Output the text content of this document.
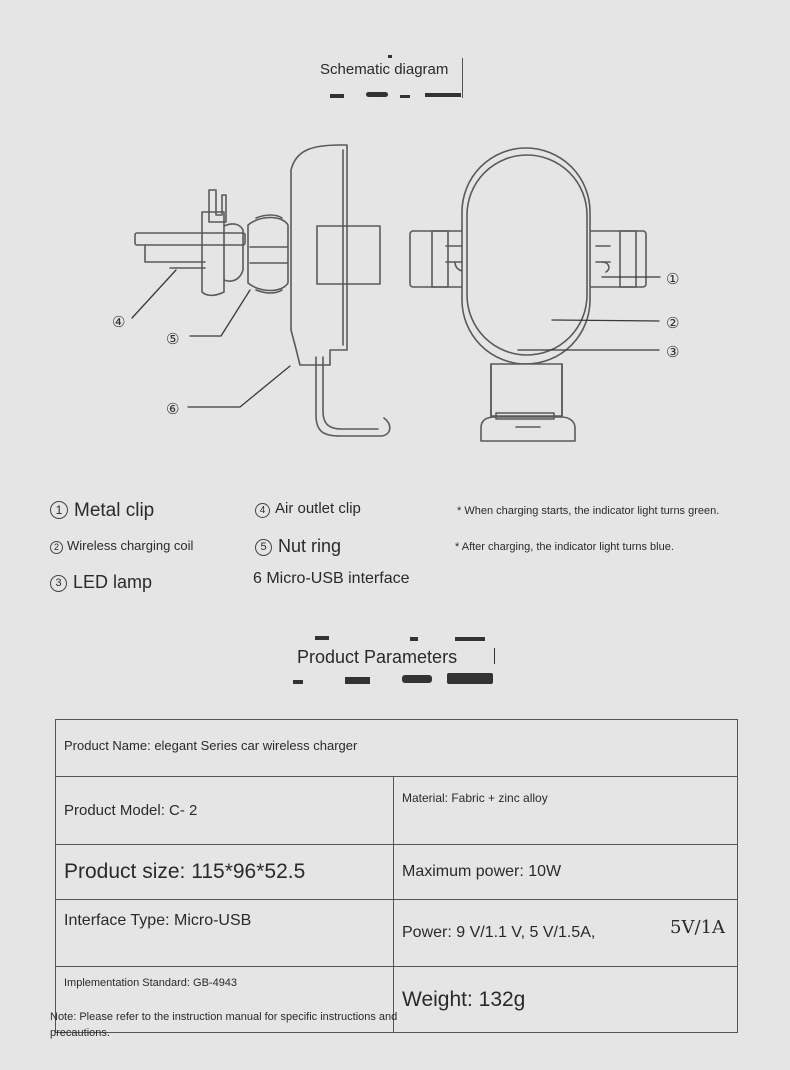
Schematic diagram
④
⑤
⑥
①
②
③
1 Metal clip
2 Wireless charging coil
3 LED lamp
4 Air outlet clip
5 Nut ring
6 Micro-USB interface
* When charging starts, the indicator light turns green.
* After charging, the indicator light turns blue.
Product Parameters
Product Name: elegant Series car wireless charger	
Product Model: C- 2	Material: Fabric + zinc alloy
Product size: 115*96*52.5	Maximum power: 10W
Interface Type: Micro-USB	Power: 9 V/1.1 V, 5 V/1.5A, 5V/1A

Implementation Standard: GB-4943	Weight: 132g
Note: Please refer to the instruction manual for specific instructions and precautions.
